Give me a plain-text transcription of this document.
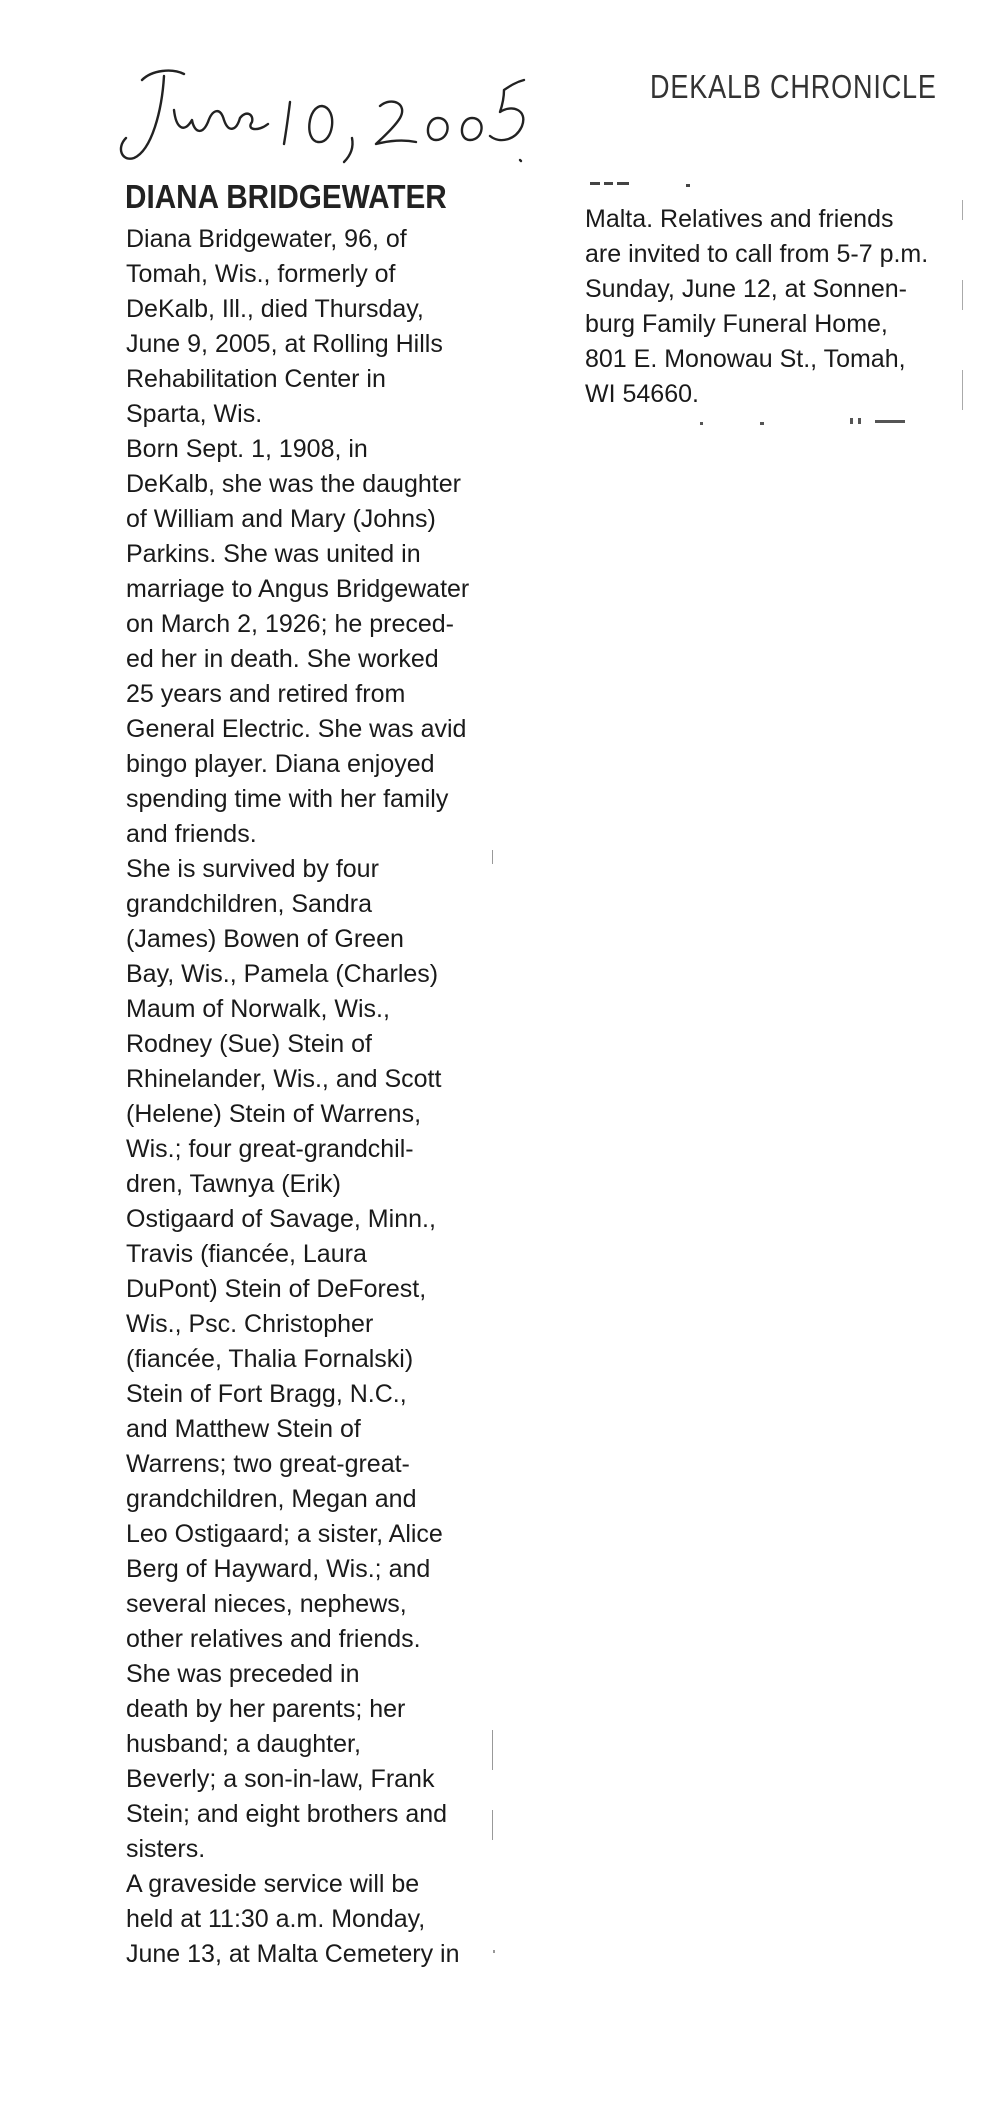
DEKALB CHRONICLE
DIANA BRIDGEWATER

Diana Bridgewater, 96, of
Tomah, Wis., formerly of
DeKalb, Ill., died Thursday,
June 9, 2005, at Rolling Hills
Rehabilitation Center in
Sparta, Wis.

Born Sept. 1, 1908, in
DeKalb, she was the daughter
of William and Mary (Johns)
Parkins. She was united in
marriage to Angus Bridgewater
on March 2, 1926; he preced-
ed her in death. She worked
25 years and retired from
General Electric. She was avid
bingo player. Diana enjoyed
spending time with her family
and friends.

She is survived by four
grandchildren, Sandra
(James) Bowen of Green
Bay, Wis., Pamela (Charles)
Maum of Norwalk, Wis.,
Rodney (Sue) Stein of
Rhinelander, Wis., and Scott
(Helene) Stein of Warrens,
Wis.; four great-grandchil-
dren, Tawnya (Erik)
Ostigaard of Savage, Minn.,
Travis (fiancée, Laura
DuPont) Stein of DeForest,
Wis., Psc. Christopher
(fiancée, Thalia Fornalski)
Stein of Fort Bragg, N.C.,
and Matthew Stein of
Warrens; two great-great-
grandchildren, Megan and
Leo Ostigaard; a sister, Alice
Berg of Hayward, Wis.; and
several nieces, nephews,
other relatives and friends.

She was preceded in
death by her parents; her
husband; a daughter,
Beverly; a son-in-law, Frank
Stein; and eight brothers and
sisters.

A graveside service will be
held at 11:30 a.m. Monday,
June 13, at Malta Cemetery in

Malta. Relatives and friends
are invited to call from 5-7 p.m.
Sunday, June 12, at Sonnen-
burg Family Funeral Home,
801 E. Monowau St., Tomah,
WI 54660.
